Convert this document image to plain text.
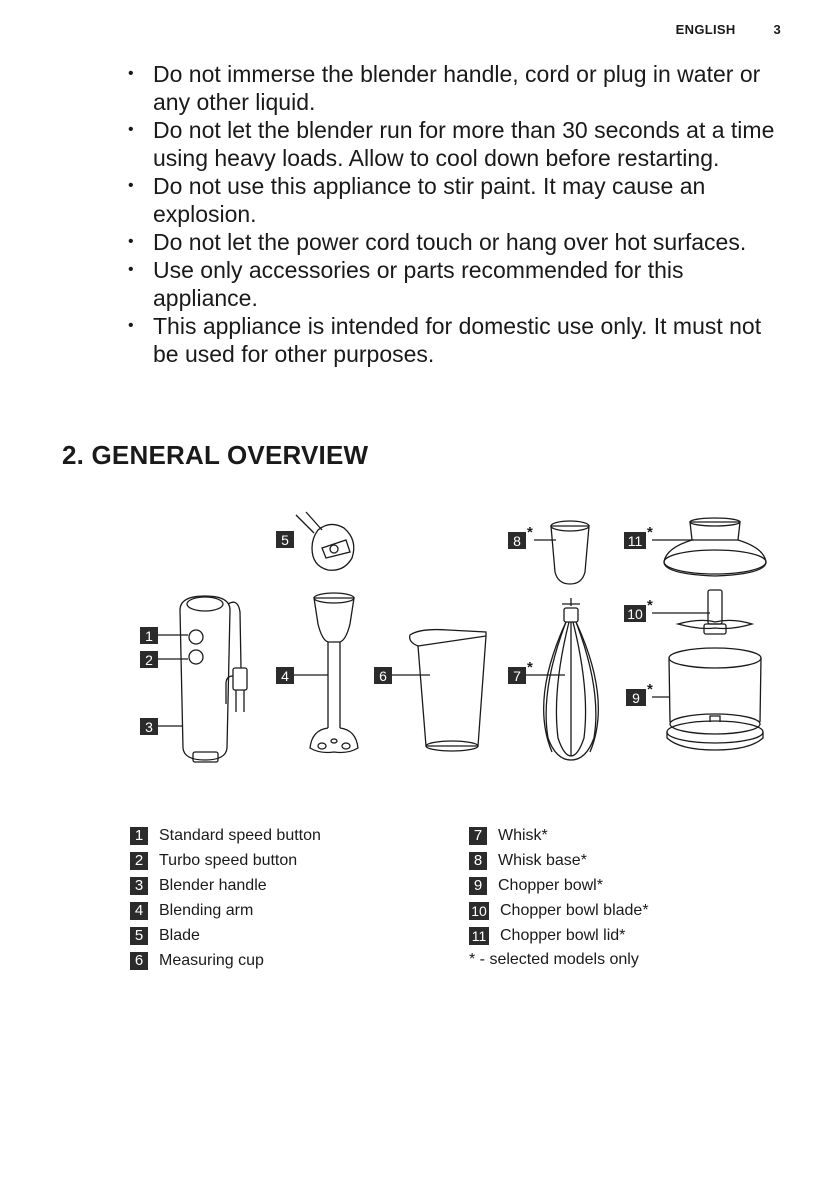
ENGLISH	3
• Do not immerse the blender handle, cord or plug in water or any other liquid.
• Do not let the blender run for more than 30 seconds at a time using heavy loads. Allow to cool down before restarting.
• Do not use this appliance to stir paint. It may cause an explosion.
• Do not let the power cord touch or hang over hot surfaces.
• Use only accessories or parts recommended for this appliance.
• This appliance is intended for domestic use only. It must not be used for other purposes.
2. GENERAL OVERVIEW
1
2
3
4
5
6	7 *
8 *
9 *
10 *
11 *
1 Standard speed button
2 Turbo speed button
3 Blender handle
4 Blending arm
5 Blade
6 Measuring cup
7 Whisk*
8 Whisk base*
9 Chopper bowl*
10 Chopper bowl blade*
11 Chopper bowl lid*
* - selected models only
